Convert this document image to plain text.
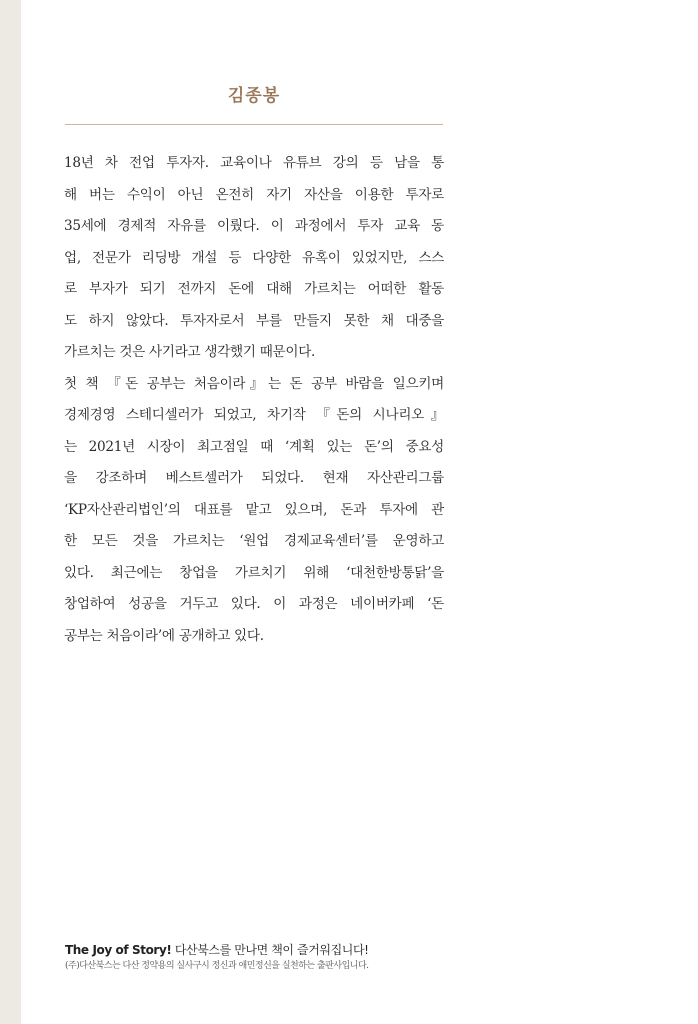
김종봉
18년 차 전업 투자자. 교육이나 유튜브 강의 등 남을 통
해 버는 수익이 아닌 온전히 자기 자산을 이용한 투자로
35세에 경제적 자유를 이뤘다. 이 과정에서 투자 교육 동
업, 전문가 리딩방 개설 등 다양한 유혹이 있었지만, 스스
로 부자가 되기 전까지 돈에 대해 가르치는 어떠한 활동
도 하지 않았다. 투자자로서 부를 만들지 못한 채 대중을
가르치는 것은 사기라고 생각했기 때문이다.
첫 책 『돈 공부는 처음이라』는 돈 공부 바람을 일으키며
경제경영 스테디셀러가 되었고, 차기작 『돈의 시나리오』
는 2021년 시장이 최고점일 때 ‘계획 있는 돈’의 중요성
을 강조하며 베스트셀러가 되었다. 현재 자산관리그룹
‘KP자산관리법인’의 대표를 맡고 있으며, 돈과 투자에 관
한 모든 것을 가르치는 ‘원업 경제교육센터’를 운영하고
있다. 최근에는 창업을 가르치기 위해 ‘대천한방통닭’을
창업하여 성공을 거두고 있다. 이 과정은 네이버카페 ‘돈
공부는 처음이라’에 공개하고 있다.
The Joy of Story! 다산북스를 만나면 책이 즐거워집니다!
(주)다산북스는 다산 정약용의 실사구시 정신과 애민정신을 실천하는 출판사입니다.
